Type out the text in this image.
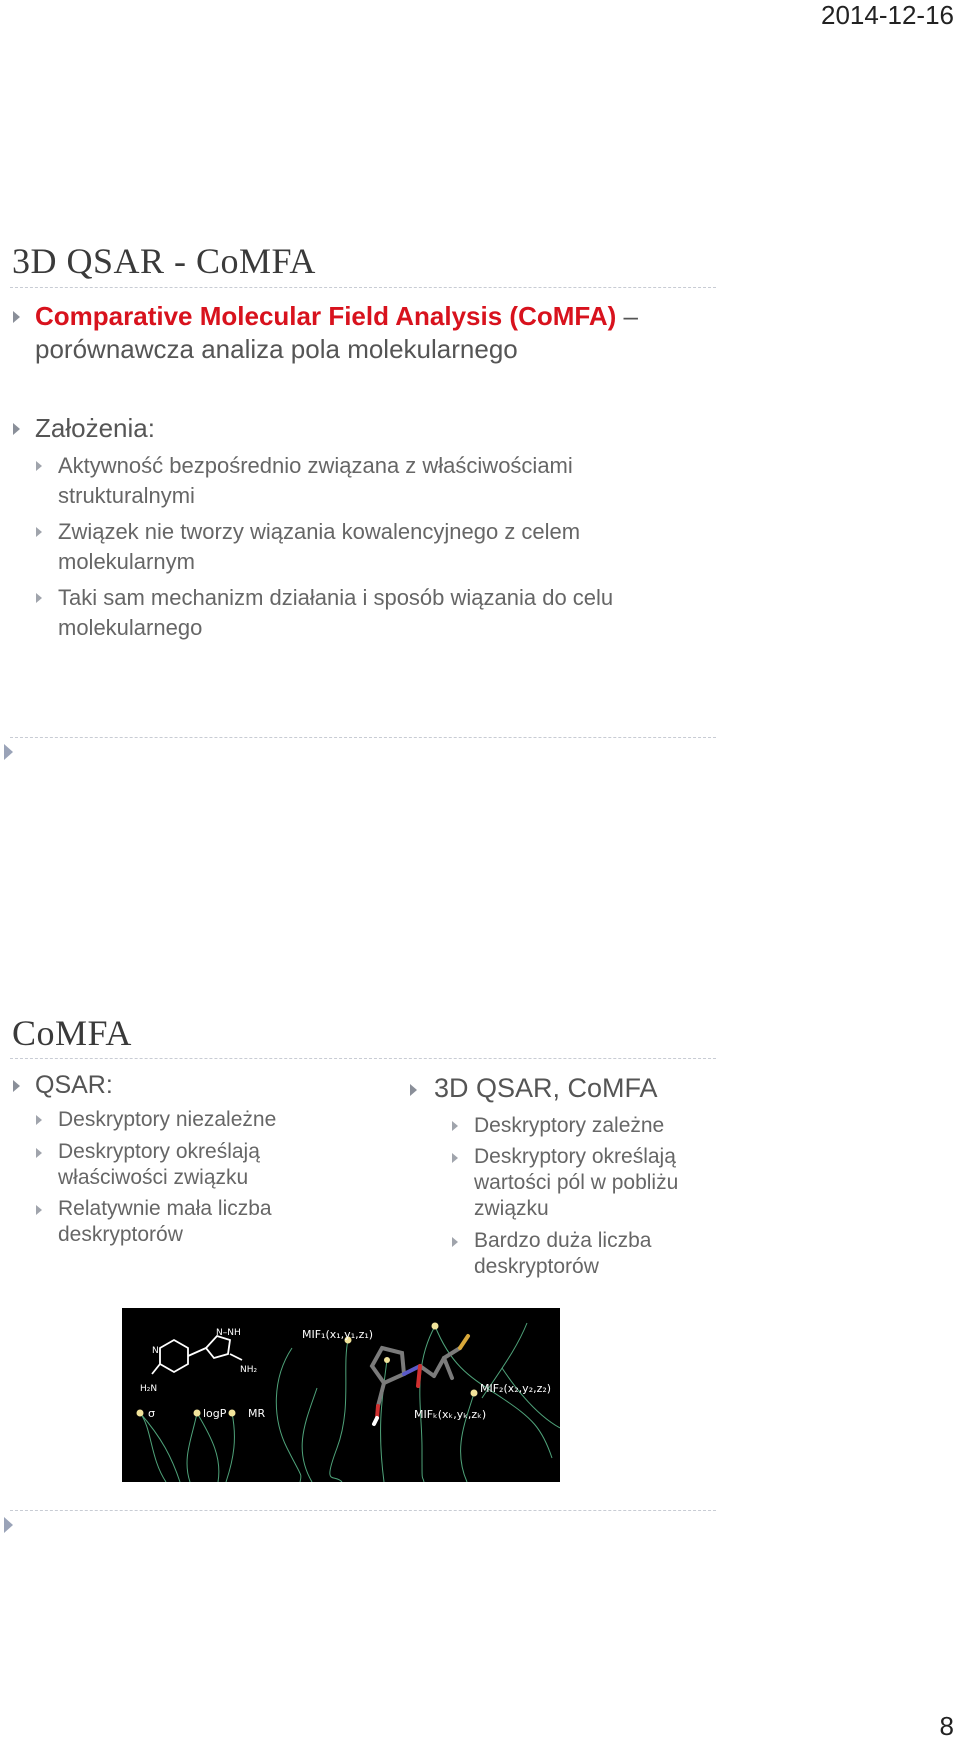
2014-12-16
3D QSAR - CoMFA
Comparative Molecular Field Analysis (CoMFA) –
porównawcza analiza pola molekularnego
Założenia:
Aktywność bezpośrednio związana z właściwościami
strukturalnymi
Związek nie tworzy wiązania kowalencyjnego z celem
molekularnym
Taki sam mechanizm działania i sposób wiązania do celu
molekularnego
CoMFA
QSAR:
Deskryptory niezależne
Deskryptory określają
właściwości związku
Relatywnie mała liczba
deskryptorów
3D QSAR, CoMFA
Deskryptory zależne
Deskryptory określają
wartości pól w pobliżu
związku
Bardzo duża liczba
deskryptorów
N
N–NH
NH₂
H₂N
σ	logP MR
MIF₁(x₁,y₁,z₁)
MIF₂(x₂,y₂,z₂)
MIFₖ(xₖ,yₖ,zₖ)
8
